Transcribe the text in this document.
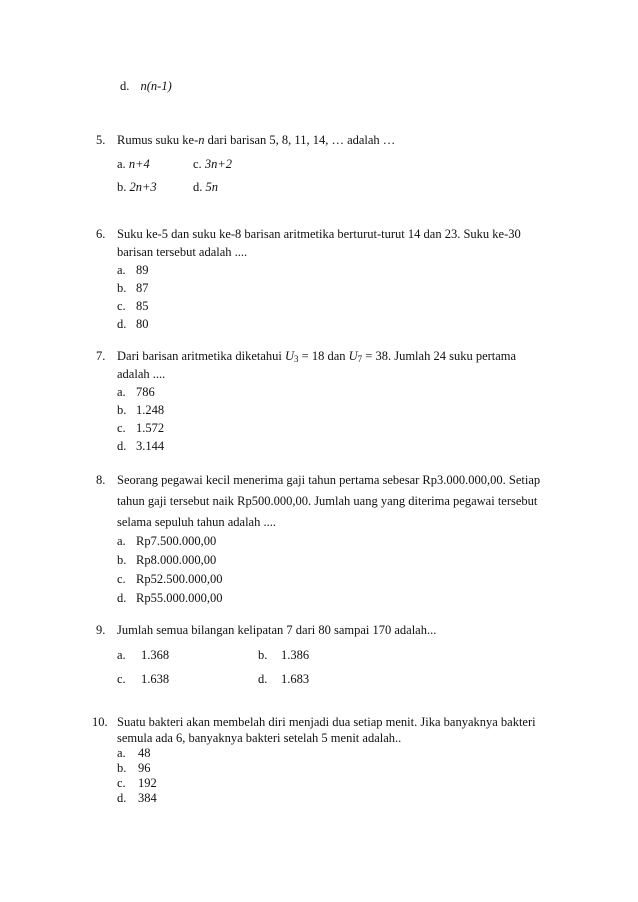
d. n(n-1)
5. Rumus suku ke-n dari barisan 5, 8, 11, 14, … adalah …
a. n+4	c. 3n+2
b. 2n+3	d. 5n
6. Suku ke-5 dan suku ke-8 barisan aritmetika berturut-turut 14 dan 23. Suku ke-30
barisan tersebut adalah ....
a. 89
b. 87
c. 85
d. 80
7. Dari barisan aritmetika diketahui $U_3 = 18$ dan $U_7 = 38$. Jumlah 24 suku pertama
adalah ....
a. 786
b. 1.248
c. 1.572
d. 3.144
8. Seorang pegawai kecil menerima gaji tahun pertama sebesar Rp3.000.000,00. Setiap
tahun gaji tersebut naik Rp500.000,00. Jumlah uang yang diterima pegawai tersebut
selama sepuluh tahun adalah ....
a. Rp7.500.000,00
b. Rp8.000.000,00
c. Rp52.500.000,00
d. Rp55.000.000,00
9. Jumlah semua bilangan kelipatan 7 dari 80 sampai 170 adalah...
a. 1.368	b. 1.386
c. 1.638	d. 1.683
10. Suatu bakteri akan membelah diri menjadi dua setiap menit. Jika banyaknya bakteri
semula ada 6, banyaknya bakteri setelah 5 menit adalah..
a. 48
b. 96
c. 192
d. 384
